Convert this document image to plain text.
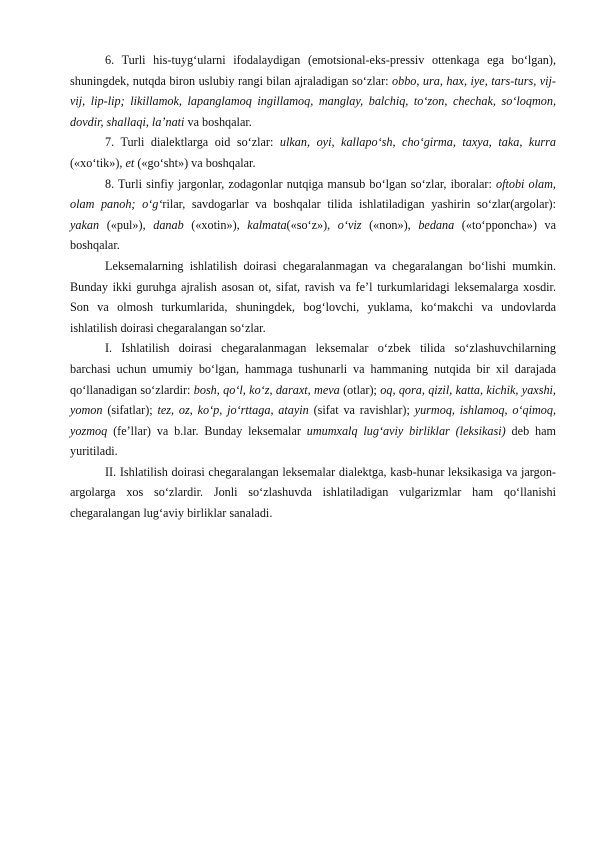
6. Turli his-tuyg‘ularni ifodalaydigan (emotsional-eks-pressiv ottenkaga ega bo‘lgan), shuningdek, nutqda biron uslubiy rangi bilan ajraladigan so‘zlar: obbo, ura, hax, iye, tars-turs, vij-vij, lip-lip; likillamok, lapanglamoq ingillamoq, manglay, balchiq, to‘zon, chechak, so‘loqmon, dovdir, shallaqi, la’nati va boshqalar.

7. Turli dialektlarga oid so‘zlar: ulkan, oyi, kallapo‘sh, cho‘girma, taxya, taka, kurra («xo‘tik»), et («go‘sht») va boshqalar.

8. Turli sinfiy jargonlar, zodagonlar nutqiga mansub bo‘lgan so‘zlar, iboralar: oftobi olam, olam panoh; o‘g‘rilar, savdogarlar va boshqalar tilida ishlatiladigan yashirin so‘zlar(argolar): yakan («pul»), danab («xotin»), kalmata(«so‘z»), o‘viz («non»), bedana («to‘pponcha») va boshqalar.

Leksemalarning ishlatilish doirasi chegaralanmagan va chegaralangan bo‘lishi mumkin. Bunday ikki guruhga ajralish asosan ot, sifat, ravish va fe’l turkumlaridagi leksemalarga xosdir. Son va olmosh turkumlarida, shuningdek, bog‘lovchi, yuklama, ko‘makchi va undovlarda ishlatilish doirasi chegaralangan so‘zlar.

I. Ishlatilish doirasi chegaralanmagan leksemalar o‘zbek tilida so‘zlashuvchilarning barchasi uchun umumiy bo‘lgan, hammaga tushunarli va hammaning nutqida bir xil darajada qo‘llanadigan so‘zlardir: bosh, qo‘l, ko‘z, daraxt, meva (otlar); oq, qora, qizil, katta, kichik, yaxshi, yomon (sifatlar); tez, oz, ko‘p, jo‘rttaga, atayin (sifat va ravishlar); yurmoq, ishlamoq, o‘qimoq, yozmoq (fe’llar) va b.lar. Bunday leksemalar umumxalq lug‘aviy birliklar (leksikasi) deb ham yuritiladi.

II. Ishlatilish doirasi chegaralangan leksemalar dialektga, kasb-hunar leksikasiga va jargon-argolarga xos so‘zlardir. Jonli so‘zlashuvda ishlatiladigan vulgarizmlar ham qo‘llanishi chegaralangan lug‘aviy birliklar sanaladi.
